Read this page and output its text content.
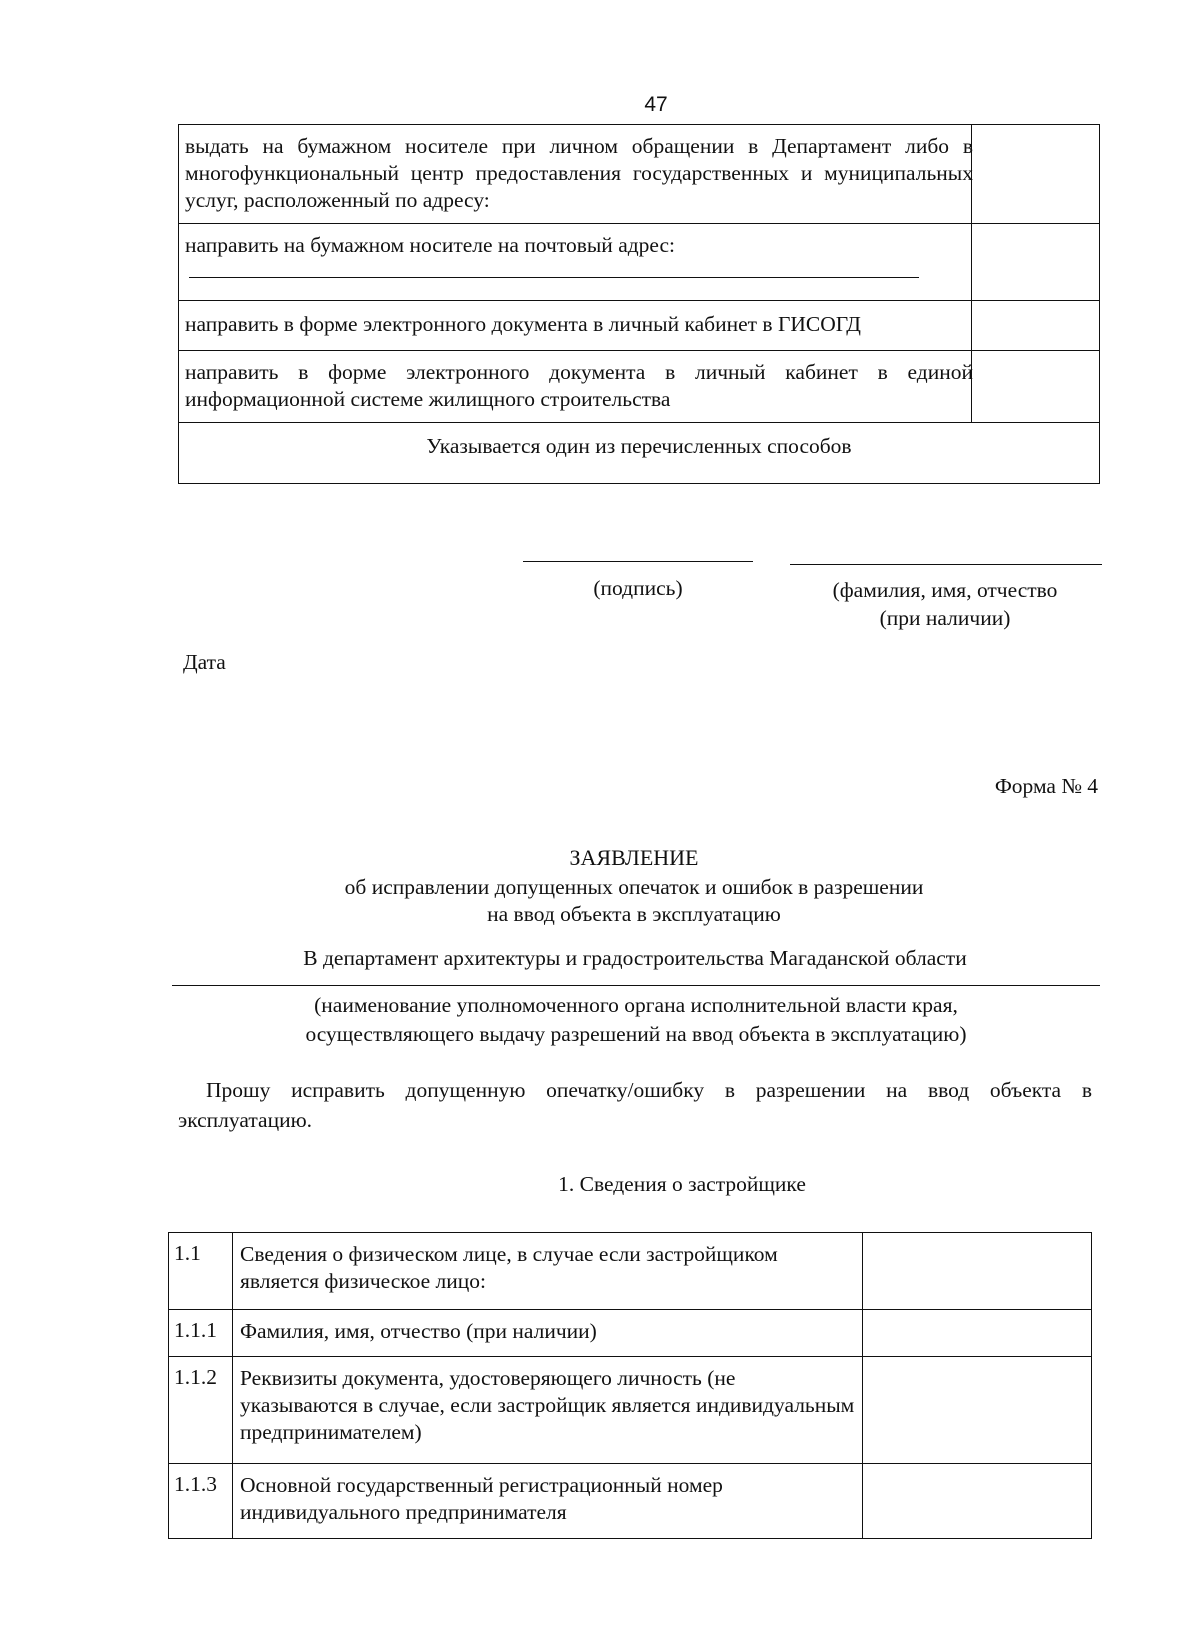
47
выдать на бумажном носителе при личном обращении в Департамент либо в многофункциональный центр предоставления государственных и муниципальных услуг, расположенный по адресу:
направить на бумажном носителе на почтовый адрес:
направить в форме электронного документа в личный кабинет в ГИСОГД
направить в форме электронного документа в личный кабинет в единой информационной системе жилищного строительства
Указывается один из перечисленных способов
(подпись)	(фамилия, имя, отчество
(при наличии)
Дата
Форма № 4
ЗАЯВЛЕНИЕ
об исправлении допущенных опечаток и ошибок в разрешении
на ввод объекта в эксплуатацию
В департамент архитектуры и градостроительства Магаданской области
(наименование уполномоченного органа исполнительной власти края,
осуществляющего выдачу разрешений на ввод объекта в эксплуатацию)
Прошу исправить допущенную опечатку/ошибку в разрешении на ввод объекта в эксплуатацию.
1. Сведения о застройщике
1.1	Сведения о физическом лице, в случае если застройщиком является физическое лицо:
1.1.1	Фамилия, имя, отчество (при наличии)
1.1.2	Реквизиты документа, удостоверяющего личность (не указываются в случае, если застройщик является индивидуальным предпринимателем)
1.1.3	Основной государственный регистрационный номер индивидуального предпринимателя
